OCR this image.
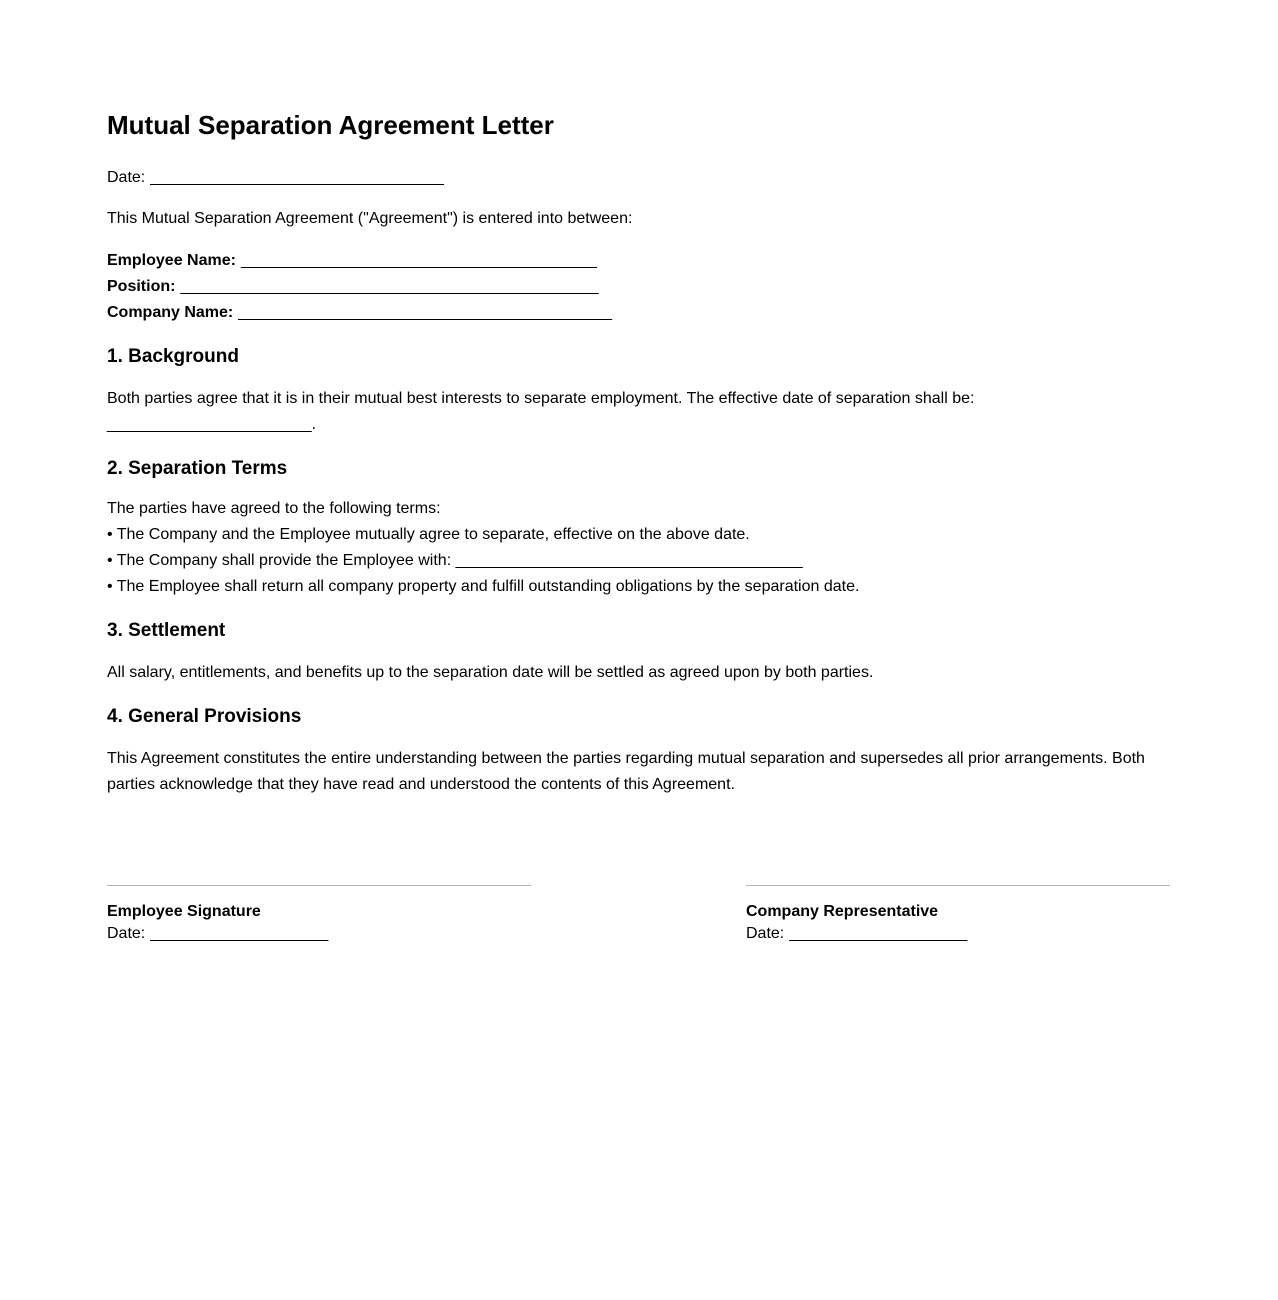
Mutual Separation Agreement Letter

Date: _________________________________

This Mutual Separation Agreement ("Agreement") is entered into between:

Employee Name: ________________________________________

Position: _______________________________________________

Company Name: __________________________________________

1. Background

Both parties agree that it is in their mutual best interests to separate employment. The effective date of separation shall be: _______________________.

2. Separation Terms

The parties have agreed to the following terms:

• The Company and the Employee mutually agree to separate, effective on the above date.

• The Company shall provide the Employee with: _______________________________________

• The Employee shall return all company property and fulfill outstanding obligations by the separation date.

3. Settlement

All salary, entitlements, and benefits up to the separation date will be settled as agreed upon by both parties.

4. General Provisions

This Agreement constitutes the entire understanding between the parties regarding mutual separation and supersedes all prior arrangements. Both parties acknowledge that they have read and understood the contents of this Agreement.

Employee Signature

Date: ____________________

Company Representative

Date: ____________________
